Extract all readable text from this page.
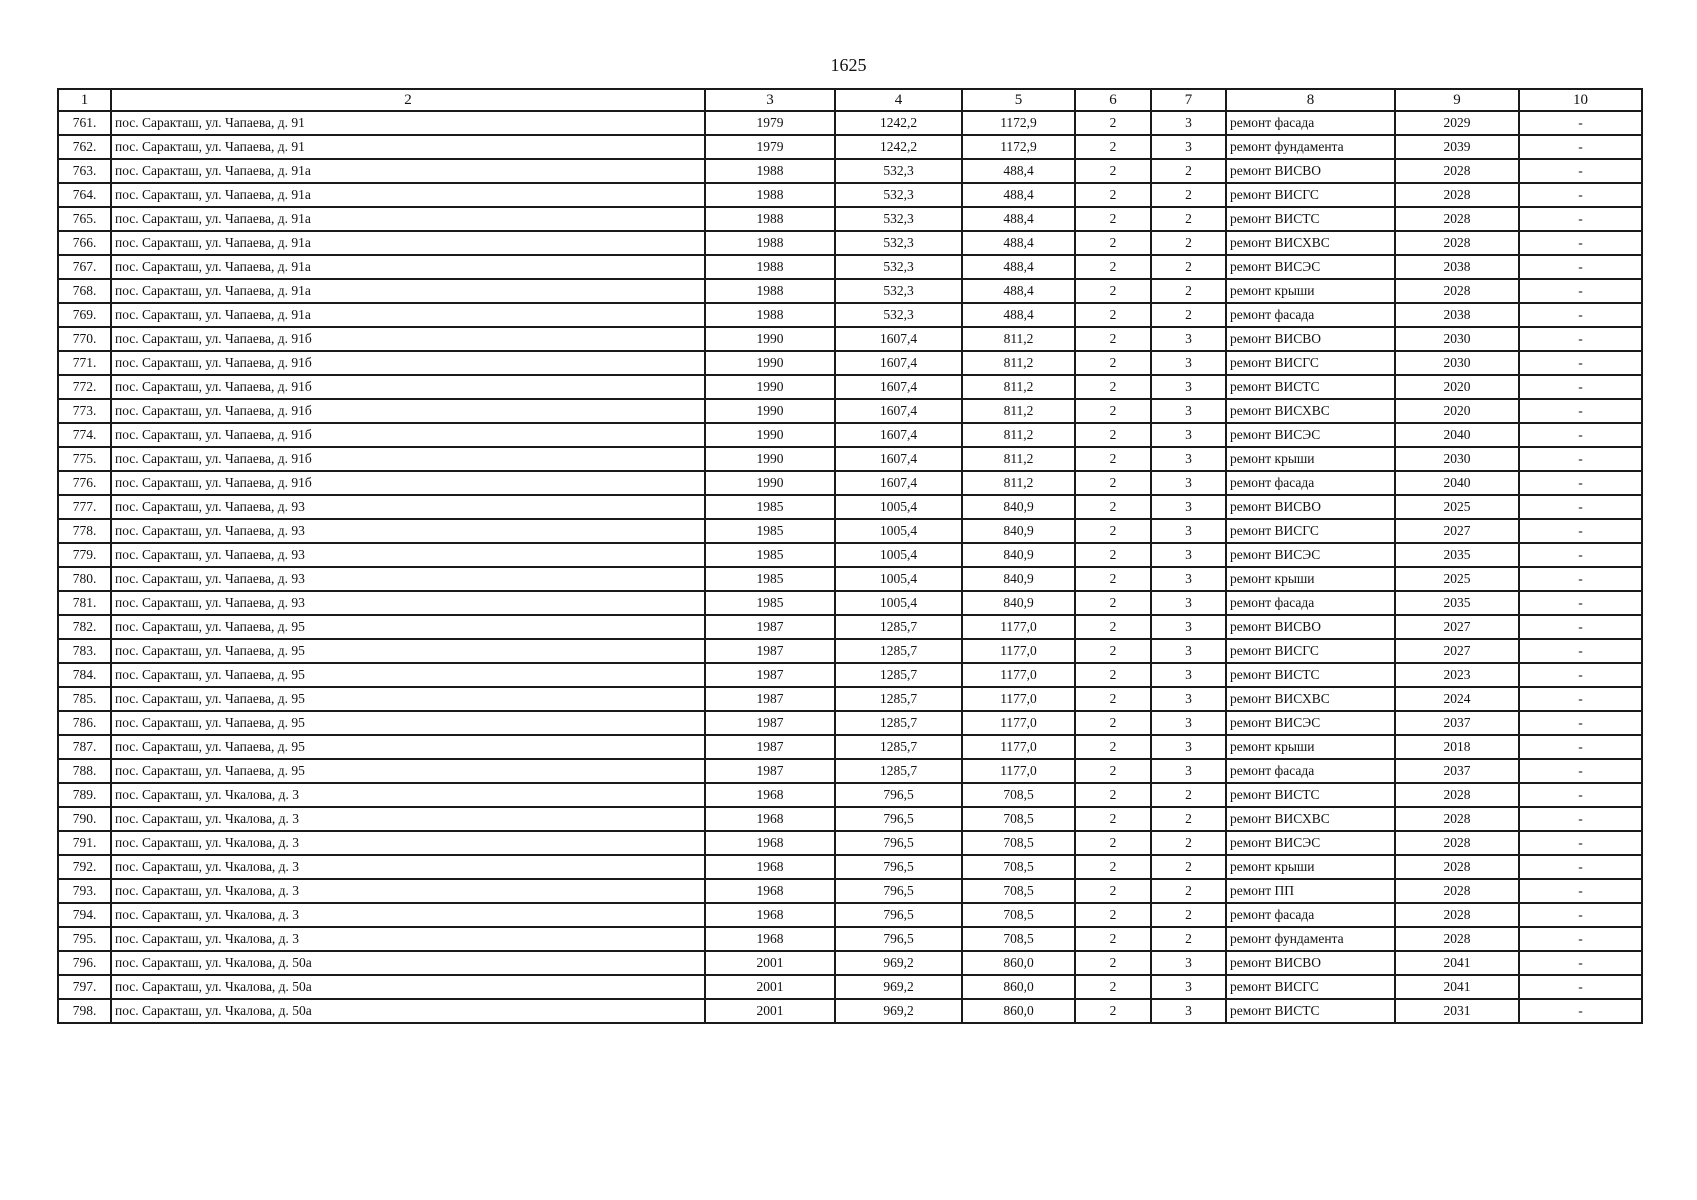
1625
1	2	3	4	5	6	7	8	9	10
761.	пос. Саракташ, ул. Чапаева, д. 91	1979	1242,2	1172,9	2	3	ремонт фасада	2029	-
762.	пос. Саракташ, ул. Чапаева, д. 91	1979	1242,2	1172,9	2	3	ремонт фундамента	2039	-
763.	пос. Саракташ, ул. Чапаева, д. 91а	1988	532,3	488,4	2	2	ремонт ВИСВО	2028	-
764.	пос. Саракташ, ул. Чапаева, д. 91а	1988	532,3	488,4	2	2	ремонт ВИСГС	2028	-
765.	пос. Саракташ, ул. Чапаева, д. 91а	1988	532,3	488,4	2	2	ремонт ВИСТС	2028	-
766.	пос. Саракташ, ул. Чапаева, д. 91а	1988	532,3	488,4	2	2	ремонт ВИСХВС	2028	-
767.	пос. Саракташ, ул. Чапаева, д. 91а	1988	532,3	488,4	2	2	ремонт ВИСЭС	2038	-
768.	пос. Саракташ, ул. Чапаева, д. 91а	1988	532,3	488,4	2	2	ремонт крыши	2028	-
769.	пос. Саракташ, ул. Чапаева, д. 91а	1988	532,3	488,4	2	2	ремонт фасада	2038	-
770.	пос. Саракташ, ул. Чапаева, д. 91б	1990	1607,4	811,2	2	3	ремонт ВИСВО	2030	-
771.	пос. Саракташ, ул. Чапаева, д. 91б	1990	1607,4	811,2	2	3	ремонт ВИСГС	2030	-
772.	пос. Саракташ, ул. Чапаева, д. 91б	1990	1607,4	811,2	2	3	ремонт ВИСТС	2020	-
773.	пос. Саракташ, ул. Чапаева, д. 91б	1990	1607,4	811,2	2	3	ремонт ВИСХВС	2020	-
774.	пос. Саракташ, ул. Чапаева, д. 91б	1990	1607,4	811,2	2	3	ремонт ВИСЭС	2040	-
775.	пос. Саракташ, ул. Чапаева, д. 91б	1990	1607,4	811,2	2	3	ремонт крыши	2030	-
776.	пос. Саракташ, ул. Чапаева, д. 91б	1990	1607,4	811,2	2	3	ремонт фасада	2040	-
777.	пос. Саракташ, ул. Чапаева, д. 93	1985	1005,4	840,9	2	3	ремонт ВИСВО	2025	-
778.	пос. Саракташ, ул. Чапаева, д. 93	1985	1005,4	840,9	2	3	ремонт ВИСГС	2027	-
779.	пос. Саракташ, ул. Чапаева, д. 93	1985	1005,4	840,9	2	3	ремонт ВИСЭС	2035	-
780.	пос. Саракташ, ул. Чапаева, д. 93	1985	1005,4	840,9	2	3	ремонт крыши	2025	-
781.	пос. Саракташ, ул. Чапаева, д. 93	1985	1005,4	840,9	2	3	ремонт фасада	2035	-
782.	пос. Саракташ, ул. Чапаева, д. 95	1987	1285,7	1177,0	2	3	ремонт ВИСВО	2027	-
783.	пос. Саракташ, ул. Чапаева, д. 95	1987	1285,7	1177,0	2	3	ремонт ВИСГС	2027	-
784.	пос. Саракташ, ул. Чапаева, д. 95	1987	1285,7	1177,0	2	3	ремонт ВИСТС	2023	-
785.	пос. Саракташ, ул. Чапаева, д. 95	1987	1285,7	1177,0	2	3	ремонт ВИСХВС	2024	-
786.	пос. Саракташ, ул. Чапаева, д. 95	1987	1285,7	1177,0	2	3	ремонт ВИСЭС	2037	-
787.	пос. Саракташ, ул. Чапаева, д. 95	1987	1285,7	1177,0	2	3	ремонт крыши	2018	-
788.	пос. Саракташ, ул. Чапаева, д. 95	1987	1285,7	1177,0	2	3	ремонт фасада	2037	-
789.	пос. Саракташ, ул. Чкалова, д. 3	1968	796,5	708,5	2	2	ремонт ВИСТС	2028	-
790.	пос. Саракташ, ул. Чкалова, д. 3	1968	796,5	708,5	2	2	ремонт ВИСХВС	2028	-
791.	пос. Саракташ, ул. Чкалова, д. 3	1968	796,5	708,5	2	2	ремонт ВИСЭС	2028	-
792.	пос. Саракташ, ул. Чкалова, д. 3	1968	796,5	708,5	2	2	ремонт крыши	2028	-
793.	пос. Саракташ, ул. Чкалова, д. 3	1968	796,5	708,5	2	2	ремонт ПП	2028	-
794.	пос. Саракташ, ул. Чкалова, д. 3	1968	796,5	708,5	2	2	ремонт фасада	2028	-
795.	пос. Саракташ, ул. Чкалова, д. 3	1968	796,5	708,5	2	2	ремонт фундамента	2028	-
796.	пос. Саракташ, ул. Чкалова, д. 50а	2001	969,2	860,0	2	3	ремонт ВИСВО	2041	-
797.	пос. Саракташ, ул. Чкалова, д. 50а	2001	969,2	860,0	2	3	ремонт ВИСГС	2041	-
798.	пос. Саракташ, ул. Чкалова, д. 50а	2001	969,2	860,0	2	3	ремонт ВИСТС	2031	-
